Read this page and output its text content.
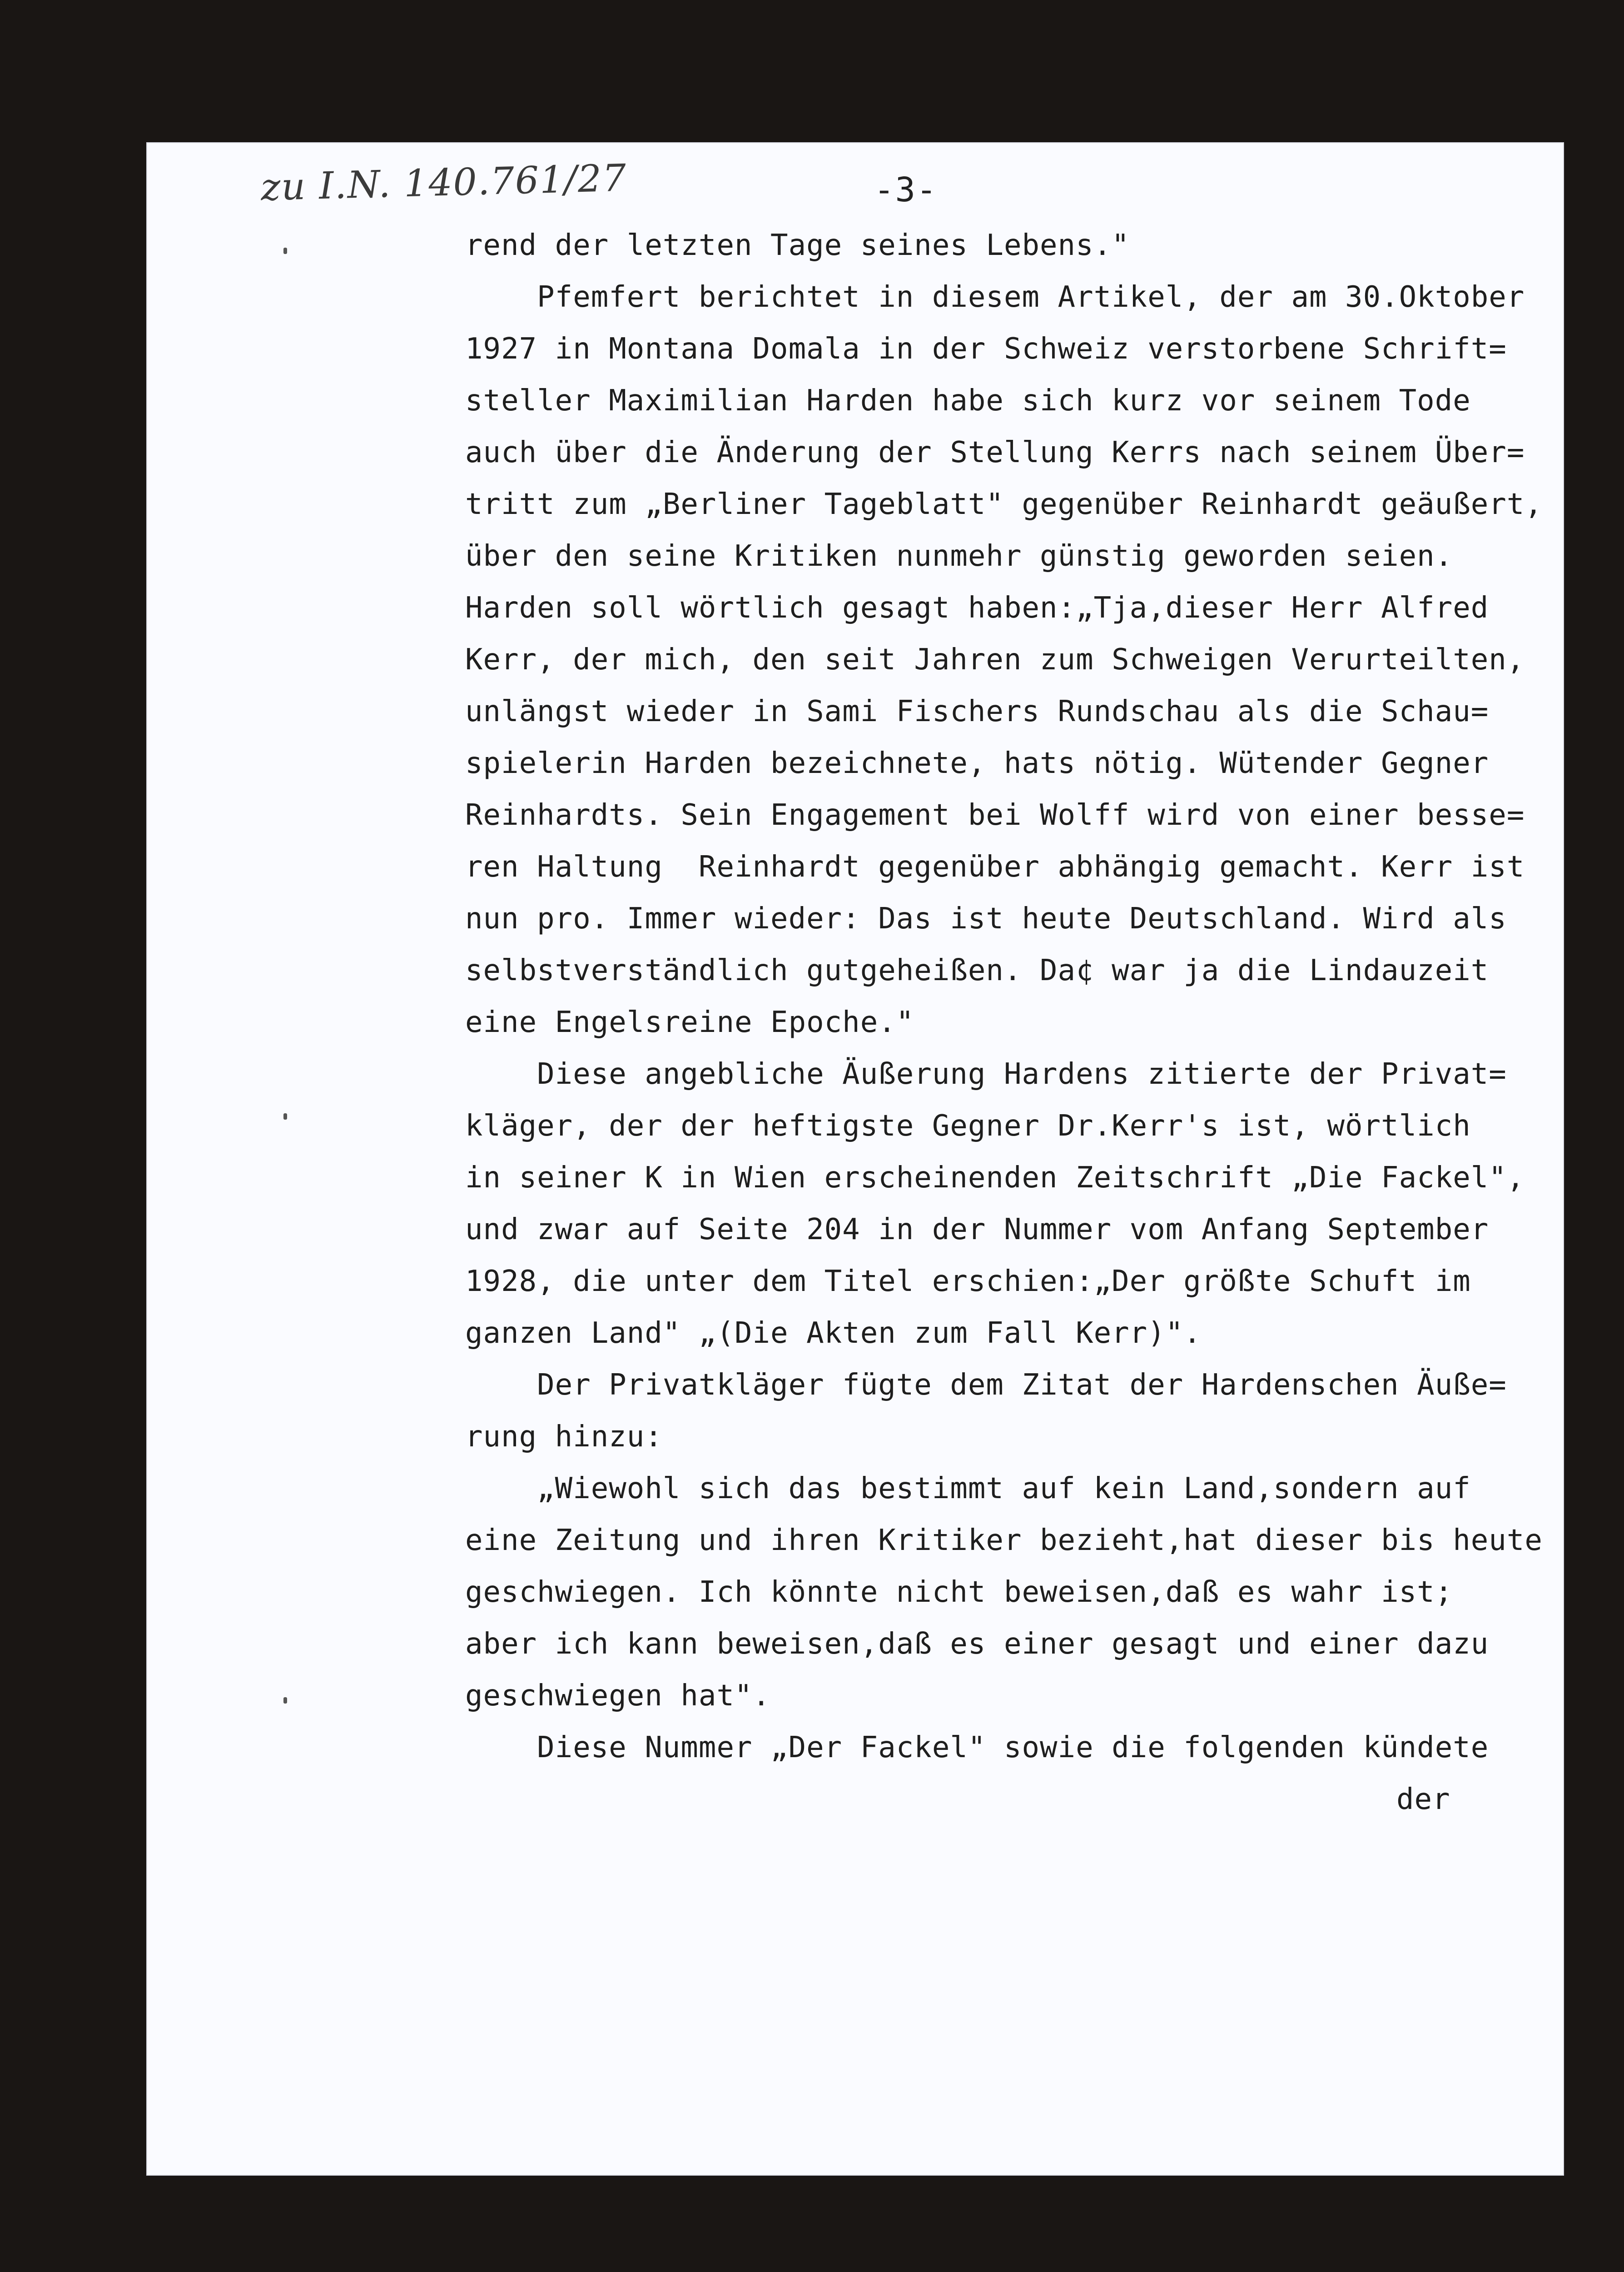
zu I.N. 140.761/27	-3-
rend der letzten Tage seines Lebens."
Pfemfert berichtet in diesem Artikel, der am 30.Oktober
1927 in Montana Domala in der Schweiz verstorbene Schrift=
steller Maximilian Harden habe sich kurz vor seinem Tode
auch über die Änderung der Stellung Kerrs nach seinem Über=
tritt zum „Berliner Tageblatt" gegenüber Reinhardt geäußert,
über den seine Kritiken nunmehr günstig geworden seien.
Harden soll wörtlich gesagt haben:„Tja,dieser Herr Alfred
Kerr, der mich, den seit Jahren zum Schweigen Verurteilten,
unlängst wieder in Sami Fischers Rundschau als die Schau=
spielerin Harden bezeichnete, hats nötig. Wütender Gegner
Reinhardts. Sein Engagement bei Wolff wird von einer besse=
ren Haltung  Reinhardt gegenüber abhängig gemacht. Kerr ist
nun pro. Immer wieder: Das ist heute Deutschland. Wird als
selbstverständlich gutgeheißen. Da¢ war ja die Lindauzeit
eine Engelsreine Epoche."
Diese angebliche Äußerung Hardens zitierte der Privat=
kläger, der der heftigste Gegner Dr.Kerr's ist, wörtlich
in seiner K in Wien erscheinenden Zeitschrift „Die Fackel",
und zwar auf Seite 204 in der Nummer vom Anfang September
1928, die unter dem Titel erschien:„Der größte Schuft im
ganzen Land" „(Die Akten zum Fall Kerr)".
Der Privatkläger fügte dem Zitat der Hardenschen Äuße=
rung hinzu:
„Wiewohl sich das bestimmt auf kein Land,sondern auf
eine Zeitung und ihren Kritiker bezieht,hat dieser bis heute
geschwiegen. Ich könnte nicht beweisen,daß es wahr ist;
aber ich kann beweisen,daß es einer gesagt und einer dazu
geschwiegen hat".
Diese Nummer „Der Fackel" sowie die folgenden kündete
der
